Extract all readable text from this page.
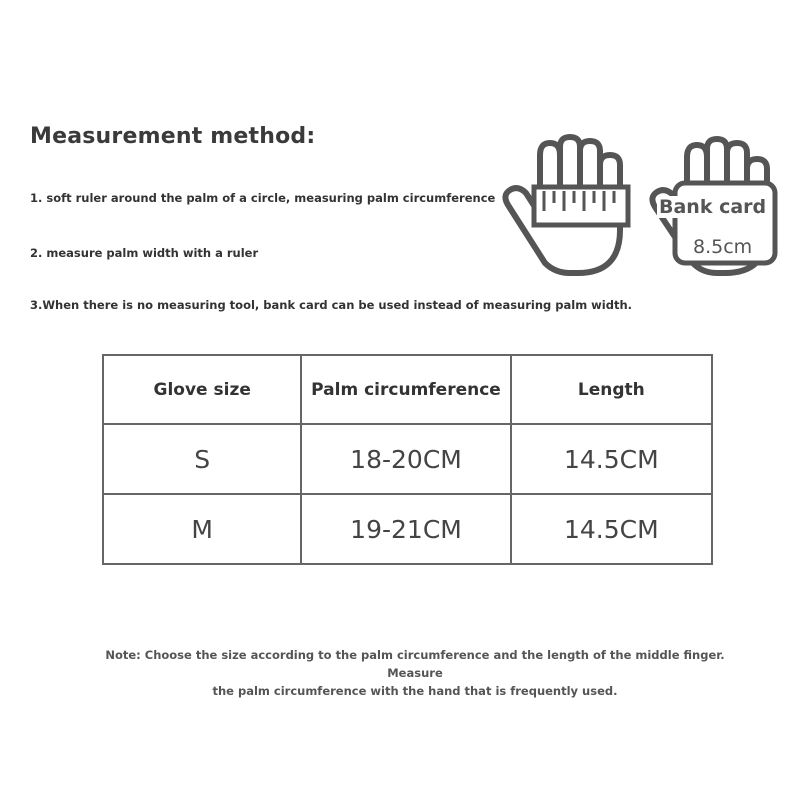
Measurement method:
1. soft ruler around the palm of a circle, measuring palm circumference
2. measure palm width with a ruler
3.When there is no measuring tool, bank card can be used instead of measuring palm width.
Bank card
8.5cm
Glove size	Palm circumference	Length
S	18-20CM	14.5CM
M	19-21CM	14.5CM
Note: Choose the size according to the palm circumference and the length of the middle finger. Measure
the palm circumference with the hand that is frequently used.
